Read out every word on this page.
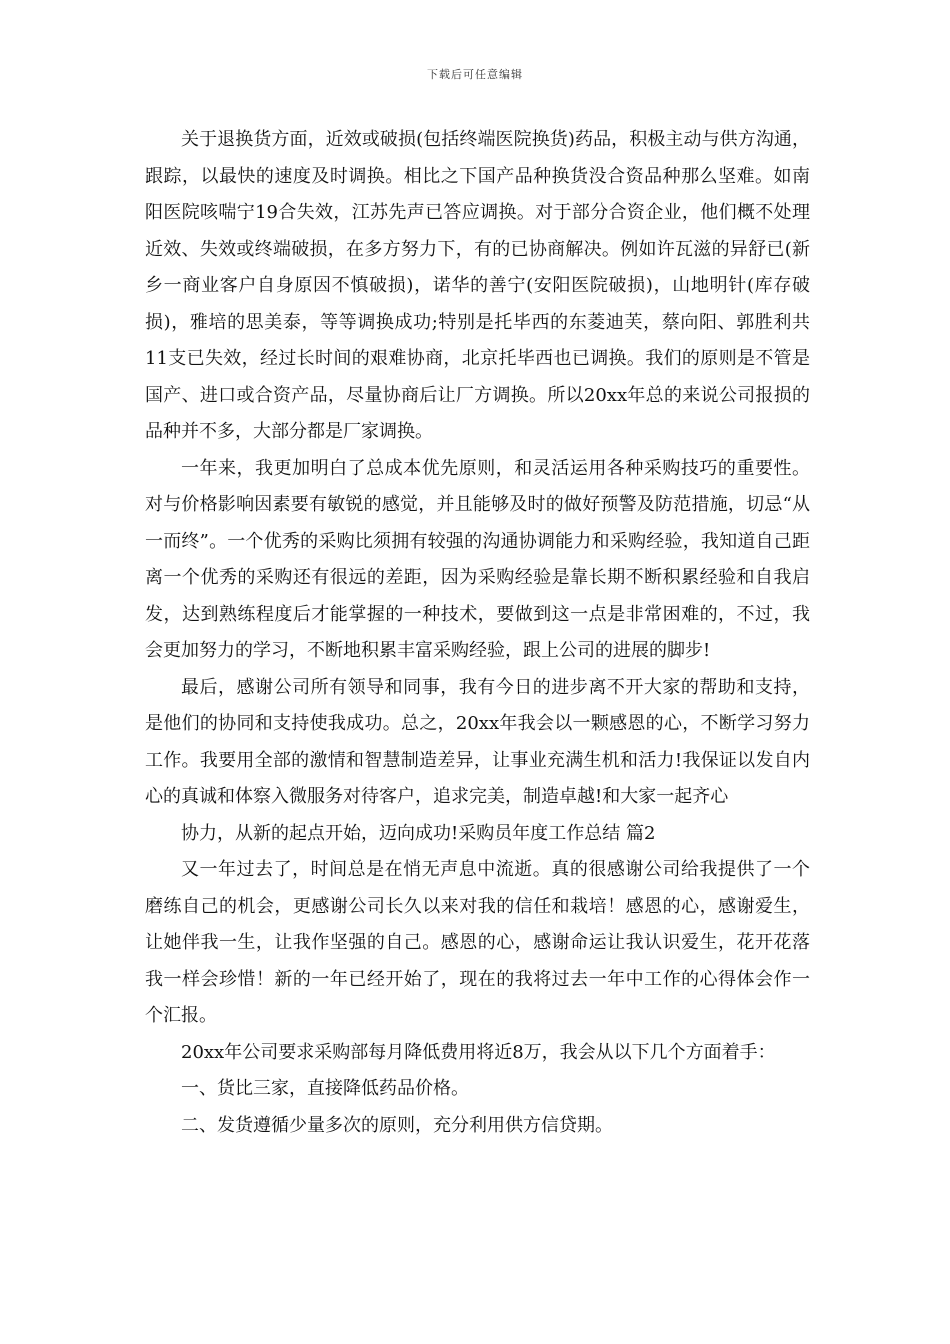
下载后可任意编辑

关于退换货方面，近效或破损(包括终端医院换货)药品，积极主动与供方沟通，跟踪，以最快的速度及时调换。相比之下国产品种换货没合资品种那么坚难。如南阳医院咳喘宁19合失效，江苏先声已答应调换。对于部分合资企业，他们概不处理近效、失效或终端破损，在多方努力下，有的已协商解决。例如许瓦滋的异舒已(新乡一商业客户自身原因不慎破损)，诺华的善宁(安阳医院破损)，山地明针(库存破损)，雅培的思美泰，等等调换成功;特别是托毕西的东菱迪芙，蔡向阳、郭胜利共11支已失效，经过长时间的艰难协商，北京托毕西也已调换。我们的原则是不管是国产、进口或合资产品，尽量协商后让厂方调换。所以20xx年总的来说公司报损的品种并不多，大部分都是厂家调换。

一年来，我更加明白了总成本优先原则，和灵活运用各种采购技巧的重要性。对与价格影响因素要有敏锐的感觉，并且能够及时的做好预警及防范措施，切忌“从一而终”。一个优秀的采购比须拥有较强的沟通协调能力和采购经验，我知道自己距离一个优秀的采购还有很远的差距，因为采购经验是靠长期不断积累经验和自我启发，达到熟练程度后才能掌握的一种技术，要做到这一点是非常困难的，不过，我会更加努力的学习，不断地积累丰富采购经验，跟上公司的进展的脚步!

最后，感谢公司所有领导和同事，我有今日的进步离不开大家的帮助和支持，是他们的协同和支持使我成功。总之，20xx年我会以一颗感恩的心，不断学习努力工作。我要用全部的激情和智慧制造差异，让事业充满生机和活力!我保证以发自内心的真诚和体察入微服务对待客户，追求完美，制造卓越!和大家一起齐心

协力，从新的起点开始，迈向成功!采购员年度工作总结 篇2

又一年过去了，时间总是在悄无声息中流逝。真的很感谢公司给我提供了一个磨练自己的机会，更感谢公司长久以来对我的信任和栽培！感恩的心，感谢爱生，让她伴我一生，让我作坚强的自己。感恩的心，感谢命运让我认识爱生，花开花落我一样会珍惜！新的一年已经开始了，现在的我将过去一年中工作的心得体会作一个汇报。

20xx年公司要求采购部每月降低费用将近8万，我会从以下几个方面着手：

一、货比三家，直接降低药品价格。

二、发货遵循少量多次的原则，充分利用供方信贷期。
